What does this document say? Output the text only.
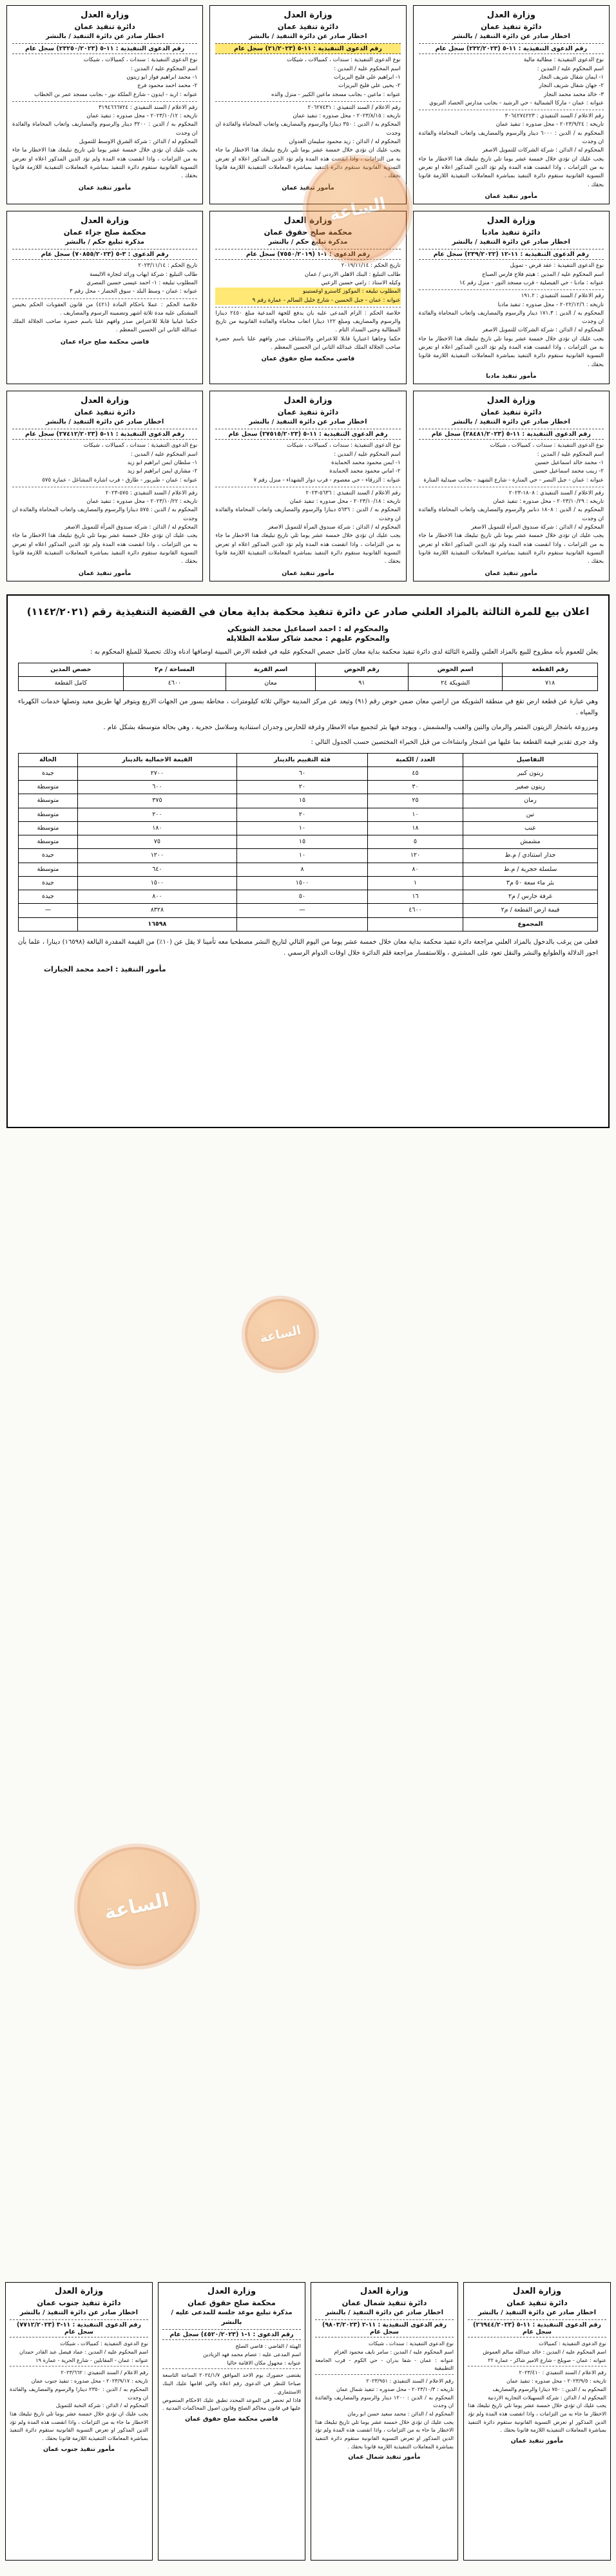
وزارة العدل
دائرة تنفيذ عمان
اخطار صادر عن دائرة التنفيذ / بالنشر
رقم الدعوى التنفيذية : ١١-٥ (٢٣٢/٢٠٢٣) سجل عام
نوع الدعوى التنفيذية : مطالبة مالية
اسم المحكوم عليه / المدين :
١- ايمان شقال شريف النجار
٢- جهان شقال شريف النجار
٣- خالد محمد محمد النجار
عنوانه : عمان - ماركا الشمالية - حي الرشيد - بجانب مدارس الحصاد التربوي
رقم الاعلام / السند التنفيذي : ٣٠٦٤٢٧٤٢٢٣
تاريخه : ٢٠٢٣/٩/٢٤ - محل صدوره : تنفيذ عمان
المحكوم به / الدين : ٦٠٠٠ دينار والرسوم والمصاريف واتعاب المحاماة والفائدة ان وجدت
المحكوم له / الدائن : شركة الشركات للتمويل الاصغر
يجب عليك ان تؤدي خلال خمسة عشر يوما تلي تاريخ تبليغك هذا الاخطار ما جاء به من التزامات ، واذا انقضت هذه المدة ولم تؤد الدين المذكور اعلاه او تعرض التسوية القانونية ستقوم دائرة التنفيذ بمباشرة المعاملات التنفيذية اللازمة قانونا بحقك .
مأمور تنفيذ عمان
وزارة العدل
دائرة تنفيذ عمان
اخطار صادر عن دائرة التنفيذ / بالنشر
رقم الدعوى التنفيذية : ١١-٥ (٢١/٢٠٢٣) سجل عام
نوع الدعوى التنفيذية : سندات ، كمبيالات ، شيكات
اسم المحكوم عليه / المدين :
١- ابراهيم علي فليح البريزات
٢- يحيى علي فليح البريزات
عنوانه : ماعين - بجانب مسجد ماعين الكبير - منزل والده
رقم الاعلام / السند التنفيذي : ٢٠٦٢٧٤٣١
تاريخه : ٢٠٢٣/٨/١٥ - محل صدوره : تنفيذ عمان
المحكوم به / الدين : ٣٥٠ دينارا والرسوم والمصاريف واتعاب المحاماة والفائدة ان وجدت
المحكوم له / الدائن : زيد محمود سليمان العدوان
يجب عليك ان تؤدي خلال خمسة عشر يوما تلي تاريخ تبليغك هذا الاخطار ما جاء به من التزامات ، واذا انقضت هذه المدة ولم تؤد الدين المذكور اعلاه او تعرض التسوية القانونية ستقوم دائرة التنفيذ بمباشرة المعاملات التنفيذية اللازمة قانونا بحقك .
مأمور تنفيذ عمان
وزارة العدل
دائرة تنفيذ عمان
اخطار صادر عن دائرة التنفيذ / بالنشر
رقم الدعوى التنفيذية : ١١-٥ (٢٣٢٥٠/٢٠٢٣) سجل عام
نوع الدعوى التنفيذية : سندات ، كمبيالات ، شيكات
اسم المحكوم عليه / المدين :
١- محمد ابراهيم فواز ابو زيتون
٢- محمد احمد محمود فرج
عنوانه : اربد - ايدون - شارع الملكة نور - بجانب مسجد عمر بن الخطاب
رقم الاعلام / السند التنفيذي : ٣١٩٤٦٦٦٧٢٤
تاريخه : ٢٠٢٣/١٠/١٢ - محل صدوره : تنفيذ عمان
المحكوم به / الدين : ٣٢٠٠ دينار والرسوم والمصاريف واتعاب المحاماة والفائدة ان وجدت
المحكوم له / الدائن : شركة الشرق الاوسط للتمويل
يجب عليك ان تؤدي خلال خمسة عشر يوما تلي تاريخ تبليغك هذا الاخطار ما جاء به من التزامات ، واذا انقضت هذه المدة ولم تؤد الدين المذكور اعلاه او تعرض التسوية القانونية ستقوم دائرة التنفيذ بمباشرة المعاملات التنفيذية اللازمة قانونا بحقك .
مأمور تنفيذ عمان
وزارة العدل
دائرة تنفيذ مادبا
اخطار صادر عن دائرة التنفيذ / بالنشر
رقم الدعوى التنفيذية : ١١-١٢ (٢٣٩/٢٠٢٢) سجل عام
نوع الدعوى التنفيذية : عقد قرض - تمويل
اسم المحكوم عليه / المدين : هيثم فلاح فارس الصباح
عنوانه : مادبا - حي الفيصلية - قرب مسجد النور - منزل رقم ١٤
رقم الاعلام / السند التنفيذي : ١٩١.٢
تاريخه : ٢٠٢٢/١٢/٦ - محل صدوره : تنفيذ مادبا
المحكوم به / الدين : ١٧١.٣ دينار والرسوم والمصاريف واتعاب المحاماة والفائدة ان وجدت
المحكوم له / الدائن : شركة الشركات للتمويل الاصغر
يجب عليك ان تؤدي خلال خمسة عشر يوما تلي تاريخ تبليغك هذا الاخطار ما جاء به من التزامات ، واذا انقضت هذه المدة ولم تؤد الدين المذكور اعلاه او تعرض التسوية القانونية ستقوم دائرة التنفيذ بمباشرة المعاملات التنفيذية اللازمة قانونا بحقك .
مأمور تنفيذ مادبا
وزارة العدل
محكمة صلح حقوق عمان
مذكرة تبليغ حكم / بالنشر
رقم الدعوى : ١-١ (٧٥٥٠/٢٠١٩) سجل عام
تاريخ الحكم : ٢٠١٩/١١/١٤
طالب التبليغ : البنك الاهلي الاردني / عمان
وكيله الاستاذ : رامي حسين الزعبي
المطلوب تبليغه : الموكوز كاسترو اوغستينو
عنوانه : عمان - جبل الحسين - شارع خليل السالم - عمارة رقم ٩
خلاصة الحكم : الزام المدعى عليه بان يدفع للجهة المدعية مبلغ ٢٤٥٠ دينارا والرسوم والمصاريف ومبلغ ١٢٢ دينارا اتعاب محاماة والفائدة القانونية من تاريخ المطالبة وحتى السداد التام .
حكما وجاهيا اعتباريا قابلا للاعتراض والاستئناف صدر وافهم علنا باسم حضرة صاحب الجلالة الملك عبدالله الثاني ابن الحسين المعظم .
قاضي محكمة صلح حقوق عمان
وزارة العدل
محكمة صلح جزاء عمان
مذكرة تبليغ حكم / بالنشر
رقم الدعوى : ٣-٥ (٧٠٨٥٥/٢٠٢٣) سجل عام
تاريخ الحكم : ٢٠٢٣/١١/١٤
طالب التبليغ : شركة ايهاب ورائد لتجارة الالبسة
المطلوب تبليغه : ١- احمد عيسى حسين المصري
عنوانه : عمان - وسط البلد - سوق الخضار - محل رقم ٣
خلاصة الحكم : عملا باحكام المادة (٤٢١) من قانون العقوبات الحكم بحبس المشتكى عليه مدة ثلاثة اشهر وتضمينه الرسوم والمصاريف .
حكما غيابيا قابلا للاعتراض صدر وافهم علنا باسم حضرة صاحب الجلالة الملك عبدالله الثاني ابن الحسين المعظم .
قاضي محكمة صلح جزاء عمان
وزارة العدل
دائرة تنفيذ عمان
اخطار صادر عن دائرة التنفيذ / بالنشر
رقم الدعوى التنفيذية : ١١-٥ (٢٨٤٨١/٢٠٢٣) سجل عام
نوع الدعوى التنفيذية : سندات ، كمبيالات ، شيكات
اسم المحكوم عليه / المدين :
١- محمد خالد اسماعيل حسين
٢- زينب محمد اسماعيل حسين
عنوانه : عمان - جبل النصر - حي المنارة - شارع الشهيد - بجانب صيدلية المنارة
رقم الاعلام / السند التنفيذي : ١٨٠٨-٢٠٢٣
تاريخه : ٢٠٢٣/١٠/٢٩ - محل صدوره : تنفيذ عمان
المحكوم به / الدين : ١٨٠٨ دنانير والرسوم والمصاريف واتعاب المحاماة والفائدة ان وجدت
المحكوم له / الدائن : شركة صندوق المرأة للتمويل الاصغر
يجب عليك ان تؤدي خلال خمسة عشر يوما تلي تاريخ تبليغك هذا الاخطار ما جاء به من التزامات ، واذا انقضت هذه المدة ولم تؤد الدين المذكور اعلاه او تعرض التسوية القانونية ستقوم دائرة التنفيذ بمباشرة المعاملات التنفيذية اللازمة قانونا بحقك .
مأمور تنفيذ عمان
وزارة العدل
دائرة تنفيذ عمان
اخطار صادر عن دائرة التنفيذ / بالنشر
رقم الدعوى التنفيذية : ١١-٥ (٢٧٥١٥/٢٠٢٣) سجل عام
نوع الدعوى التنفيذية : سندات ، كمبيالات ، شيكات
اسم المحكوم عليه / المدين :
١- ايمن محمود محمد الحمايدة
٢- اماني محمود محمد الحمايدة
عنوانه : الزرقاء - حي معصوم - قرب دوار الشهداء - منزل رقم ٧
رقم الاعلام / السند التنفيذي : ٥٦٣٦-٢٠٢٣
تاريخه : ٢٠٢٣/١٠/١٨ - محل صدوره : تنفيذ عمان
المحكوم به / الدين : ٥٦٣٦ دينارا والرسوم والمصاريف واتعاب المحاماة والفائدة ان وجدت
المحكوم له / الدائن : شركة صندوق المرأة للتمويل الاصغر
يجب عليك ان تؤدي خلال خمسة عشر يوما تلي تاريخ تبليغك هذا الاخطار ما جاء به من التزامات ، واذا انقضت هذه المدة ولم تؤد الدين المذكور اعلاه او تعرض التسوية القانونية ستقوم دائرة التنفيذ بمباشرة المعاملات التنفيذية اللازمة قانونا بحقك .
مأمور تنفيذ عمان
وزارة العدل
دائرة تنفيذ عمان
اخطار صادر عن دائرة التنفيذ / بالنشر
رقم الدعوى التنفيذية : ١١-٥ (٢٧٤١٢/٢٠٢٣) سجل عام
نوع الدعوى التنفيذية : سندات ، كمبيالات ، شيكات
اسم المحكوم عليه / المدين :
١- سلطان ايمن ابراهيم ابو زيد
٢- مشاري ايمن ابراهيم ابو زيد
عنوانه : عمان - طبربور - طارق - قرب اشارة المشاغل - عمارة ٥٧٥
رقم الاعلام / السند التنفيذي : ٥٧٥-٢٠٢٣
تاريخه : ٢٠٢٣/١٠/٢٢ - محل صدوره : تنفيذ عمان
المحكوم به / الدين : ٥٧٥ دينارا والرسوم والمصاريف واتعاب المحاماة والفائدة ان وجدت
المحكوم له / الدائن : شركة صندوق المرأة للتمويل الاصغر
يجب عليك ان تؤدي خلال خمسة عشر يوما تلي تاريخ تبليغك هذا الاخطار ما جاء به من التزامات ، واذا انقضت هذه المدة ولم تؤد الدين المذكور اعلاه او تعرض التسوية القانونية ستقوم دائرة التنفيذ بمباشرة المعاملات التنفيذية اللازمة قانونا بحقك .
مأمور تنفيذ عمان
اعلان بيع للمرة الثالثة بالمزاد العلني صادر عن دائرة تنفيذ محكمة بداية معان في القضية التنفيذية رقم (١١٤٢/٢٠٢١)

والمحكوم له : احمد اسماعيل محمد الشويكي

والمحكوم عليهم : محمد شاكر سلامة الظلايله

يعلن للعموم بأنه مطروح للبيع بالمزاد العلني وللمرة الثالثة لدى دائرة تنفيذ محكمة بداية معان كامل حصص المحكوم عليه في قطعة الارض المبينة اوصافها ادناه وذلك تحصيلا للمبلغ المحكوم به :

رقم القطعة	اسم الحوض	رقم الحوض	اسم القرية	المساحة / م٢	حصص المدين
٧١٨	الشويكة ٢٤	٩١	معان	٤٦٠٠	كامل القطعة

وهي عبارة عن قطعة ارض تقع في منطقة الشويكة من اراضي معان ضمن حوض رقم (٩١) وتبعد عن مركز المدينة حوالي ثلاثة كيلومترات ، محاطة بسور من الجهات الاربع ويتوفر لها طريق معبد وتصلها خدمات الكهرباء والمياه .

ومزروعة باشجار الزيتون المثمر والرمان والتين والعنب والمشمش ، ويوجد فيها بئر لتجميع مياه الامطار وغرفة للحارس وجدران استنادية وسلاسل حجرية ، وهي بحالة متوسطة بشكل عام .

وقد جرى تقدير قيمة القطعة بما عليها من اشجار وانشاءات من قبل الخبراء المختصين حسب الجدول التالي :

التفاصيل	العدد / الكمية	فئة التقييم بالدينار	القيمة الاجمالية بالدينار	الحالة
زيتون كبير	٤٥	٦٠	٢٧٠٠	جيدة
زيتون صغير	٣٠	٢٠	٦٠٠	متوسطة
رمان	٢٥	١٥	٣٧٥	متوسطة
تين	١٠	٢٠	٢٠٠	متوسطة
عنب	١٨	١٠	١٨٠	متوسطة
مشمش	٥	١٥	٧٥	متوسطة
جدار استنادي / م.ط	١٢٠	١٠	١٢٠٠	جيدة
سلسلة حجرية / م.ط	٨٠	٨	٦٤٠	متوسطة
بئر ماء سعة ٥٠ م٣	١	١٥٠٠	١٥٠٠	جيدة
غرفة حارس / م٢	١٦	٥٠	٨٠٠	جيدة
قيمة ارض القطعة / م٢	٤٦٠٠	—	٨٣٢٨	—
المجموع			١٦٥٩٨	

فعلى من يرغب بالدخول بالمزاد العلني مراجعة دائرة تنفيذ محكمة بداية معان خلال خمسة عشر يوما من اليوم التالي لتاريخ النشر مصطحبا معه تأمينا لا يقل عن (١٠٪) من القيمة المقدرة البالغة (١٦٥٩٨) دينارا ، علما بأن اجور الدلالة والطوابع والنشر والنقل تعود على المشتري ، وللاستفسار مراجعة قلم الدائرة خلال اوقات الدوام الرسمي .

مأمور التنفيذ : احمد محمد الجبارات

وزارة العدل
دائرة تنفيذ عمان
اخطار صادر عن دائرة التنفيذ / بالنشر
رقم الدعوى التنفيذية : ١١-٥ (٢٦٩٤٤/٢٠٢٣) سجل عام
نوع الدعوى التنفيذية : كمبيالات
اسم المحكوم عليه / المدين : خالد عبدالله سالم العموش
عنوانه : عمان - صويلح - شارع الامير شاكر - عمارة ٢٢
رقم الاعلام / السند التنفيذي : ٢٠٢٣/٤١٠
تاريخه : ٢٠٢٣/٩/٥ - محل صدوره : تنفيذ عمان
المحكوم به / الدين : ٧٥٠ دينارا والرسوم والمصاريف
المحكوم له / الدائن : شركة التسهيلات التجارية الاردنية
يجب عليك ان تؤدي خلال خمسة عشر يوما تلي تاريخ تبليغك هذا الاخطار ما جاء به من التزامات ، واذا انقضت هذه المدة ولم تؤد الدين المذكور او تعرض التسوية القانونية ستقوم دائرة التنفيذ بمباشرة المعاملات التنفيذية اللازمة قانونا بحقك .
مأمور تنفيذ عمان
وزارة العدل
دائرة تنفيذ شمال عمان
اخطار صادر عن دائرة التنفيذ / بالنشر
رقم الدعوى التنفيذية : ١١-٢ (٩٨٠٣/٢٠٢٣) سجل عام
نوع الدعوى التنفيذية : سندات ، شيكات
اسم المحكوم عليه / المدين : سامر نايف محمود العزام
عنوانه : عمان - شفا بدران - حي الكوم - قرب الجامعة التطبيقية
رقم الاعلام / السند التنفيذي : ٢٠٢٣/٩٥١
تاريخه : ٢٠٢٣/١٠/٣ - محل صدوره : تنفيذ شمال عمان
المحكوم به / الدين : ١٢٠٠ دينار والرسوم والمصاريف والفائدة ان وجدت
المحكوم له / الدائن : محمد سعيد حسن ابو رمان
يجب عليك ان تؤدي خلال خمسة عشر يوما تلي تاريخ تبليغك هذا الاخطار ما جاء به من التزامات ، واذا انقضت هذه المدة ولم تؤد الدين المذكور او تعرض التسوية القانونية ستقوم دائرة التنفيذ بمباشرة المعاملات التنفيذية اللازمة قانونا بحقك .
مأمور تنفيذ شمال عمان
وزارة العدل
محكمة صلح حقوق عمان
مذكرة تبليغ موعد جلسة للمدعى عليه / بالنشر
رقم الدعوى : ١-١ (٤٥٢٠/٢٠٢٣) سجل عام
الهيئة / القاضي : قاضي الصلح
اسم المدعى عليه : عصام محمد فهد الزيادين
عنوانه : مجهول مكان الاقامة حاليا
يقتضى حضورك يوم الاحد الموافق ٢٠٢٤/١/٧ الساعة التاسعة صباحا للنظر في الدعوى رقم اعلاه والتي اقامها عليك البنك الاستثماري .
فاذا لم تحضر في الموعد المحدد تطبق عليك الاحكام المنصوص عليها في قانون محاكم الصلح وقانون اصول المحاكمات المدنية .
قاضي محكمة صلح حقوق عمان
وزارة العدل
دائرة تنفيذ جنوب عمان
اخطار صادر عن دائرة التنفيذ / بالنشر
رقم الدعوى التنفيذية : ١١-٣ (٧٧١٢/٢٠٢٣) سجل عام
نوع الدعوى التنفيذية : كمبيالات ، شيكات
اسم المحكوم عليه / المدين : عماد فيصل عبد القادر حمدان
عنوانه : عمان - المقابلين - شارع الحرية - عمارة ١٩
رقم الاعلام / السند التنفيذي : ٢٠٢٣/٦٦٢
تاريخه : ٢٠٢٣/٩/١٧ - محل صدوره : تنفيذ جنوب عمان
المحكوم به / الدين : ٢٣٥٠ دينارا والرسوم والمصاريف والفائدة ان وجدت
المحكوم له / الدائن : شركة النخبة للتمويل
يجب عليك ان تؤدي خلال خمسة عشر يوما تلي تاريخ تبليغك هذا الاخطار ما جاء به من التزامات ، واذا انقضت هذه المدة ولم تؤد الدين المذكور او تعرض التسوية القانونية ستقوم دائرة التنفيذ بمباشرة المعاملات التنفيذية اللازمة قانونا بحقك .
مأمور تنفيذ جنوب عمان
الساعة
الساعة
الساعة
